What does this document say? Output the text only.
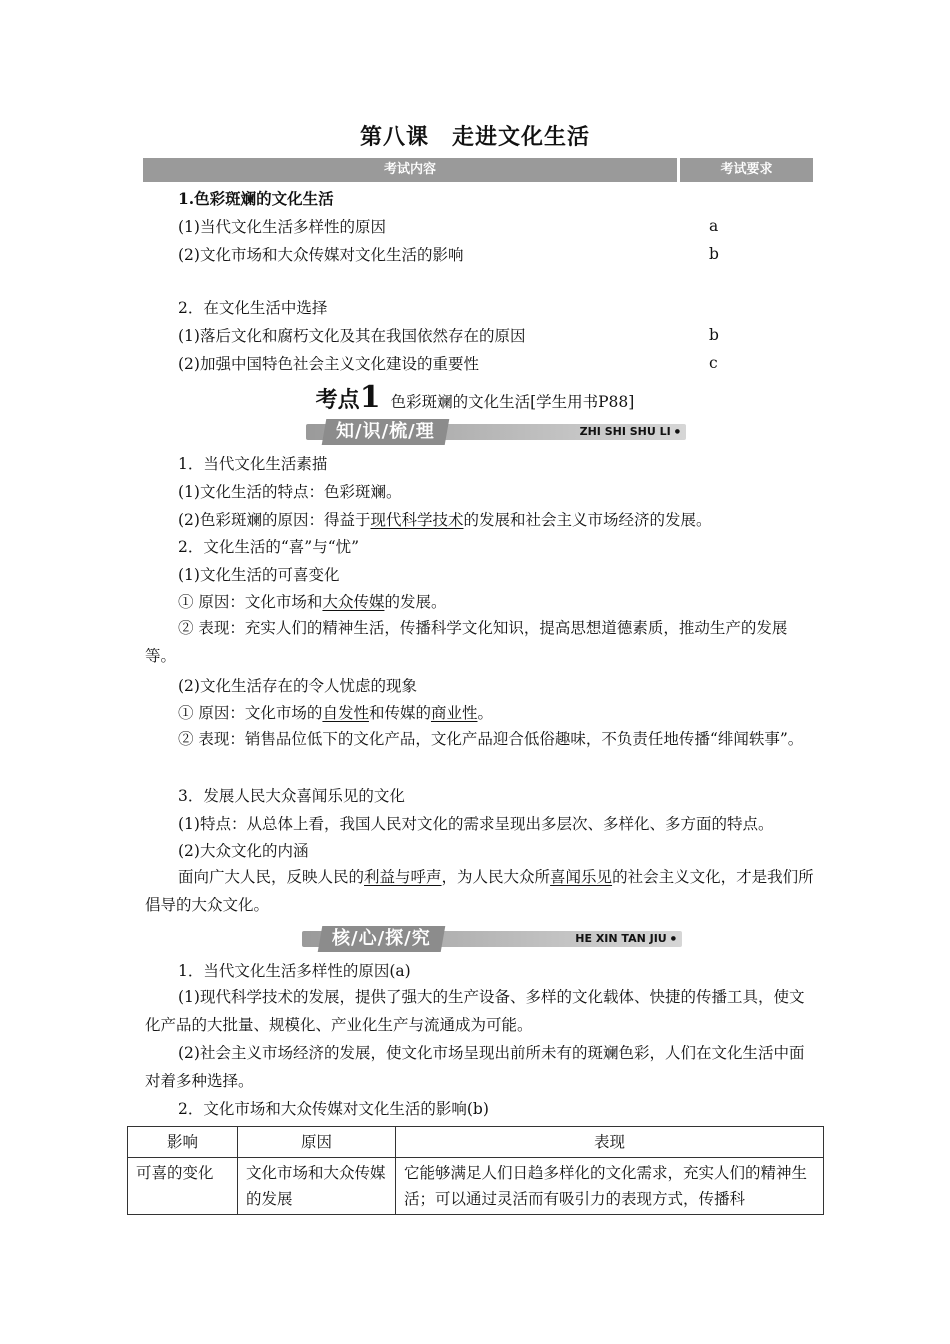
第八课　走进文化生活
考试内容	考试要求
1.色彩斑斓的文化生活
(1)当代文化生活多样性的原因	a
(2)文化市场和大众传媒对文化生活的影响	b
2．在文化生活中选择
(1)落后文化和腐朽文化及其在我国依然存在的原因	b
(2)加强中国特色社会主义文化建设的重要性	c
考点1 色彩斑斓的文化生活[学生用书P88]
知/识/梳/理	ZHI SHI SHU LI ●
1．当代文化生活素描
(1)文化生活的特点：色彩斑斓。
(2)色彩斑斓的原因：得益于现代科学技术的发展和社会主义市场经济的发展。
2．文化生活的“喜”与“忧”
(1)文化生活的可喜变化
① 原因：文化市场和大众传媒的发展。
② 表现：充实人们的精神生活，传播科学文化知识，提高思想道德素质，推动生产的发展等。
(2)文化生活存在的令人忧虑的现象
① 原因：文化市场的自发性和传媒的商业性。
② 表现：销售品位低下的文化产品，文化产品迎合低俗趣味，不负责任地传播“绯闻轶事”。
3．发展人民大众喜闻乐见的文化
(1)特点：从总体上看，我国人民对文化的需求呈现出多层次、多样化、多方面的特点。
(2)大众文化的内涵
面向广大人民，反映人民的利益与呼声，为人民大众所喜闻乐见的社会主义文化，才是我们所倡导的大众文化。
核/心/探/究	HE XIN TAN JIU ●
1．当代文化生活多样性的原因(a)
(1)现代科学技术的发展，提供了强大的生产设备、多样的文化载体、快捷的传播工具，使文化产品的大批量、规模化、产业化生产与流通成为可能。
(2)社会主义市场经济的发展，使文化市场呈现出前所未有的斑斓色彩，人们在文化生活中面对着多种选择。
2．文化市场和大众传媒对文化生活的影响(b)
影响	原因	表现
可喜的变化	文化市场和大众传媒的发展	它能够满足人们日趋多样化的文化需求，充实人们的精神生活；可以通过灵活而有吸引力的表现方式，传播科
